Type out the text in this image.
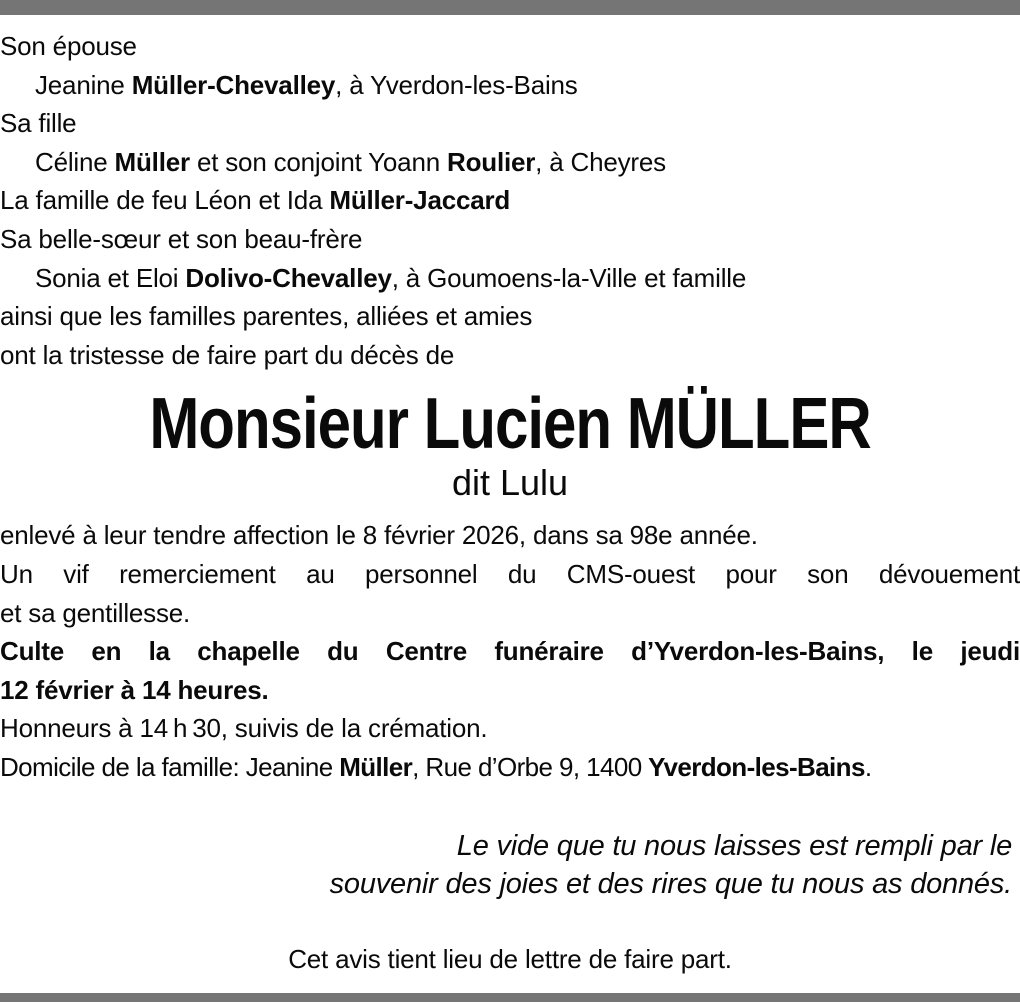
Son épouse
Jeanine Müller-Chevalley, à Yverdon-les-Bains
Sa fille
Céline Müller et son conjoint Yoann Roulier, à Cheyres
La famille de feu Léon et Ida Müller-Jaccard
Sa belle-sœur et son beau-frère
Sonia et Eloi Dolivo-Chevalley, à Goumoens-la-Ville et famille
ainsi que les familles parentes, alliées et amies
ont la tristesse de faire part du décès de
Monsieur Lucien MÜLLER
dit Lulu
enlevé à leur tendre affection le 8 février 2026, dans sa 98e année.
Un vif remerciement au personnel du CMS-ouest pour son dévouement
et sa gentillesse.
Culte en la chapelle du Centre funéraire d’Yverdon-les-Bains, le jeudi
12 février à 14 heures.
Honneurs à 14 h 30, suivis de la crémation.
Domicile de la famille: Jeanine Müller, Rue d’Orbe 9, 1400 Yverdon-les-Bains.
Le vide que tu nous laisses est rempli par le
souvenir des joies et des rires que tu nous as donnés.
Cet avis tient lieu de lettre de faire part.
